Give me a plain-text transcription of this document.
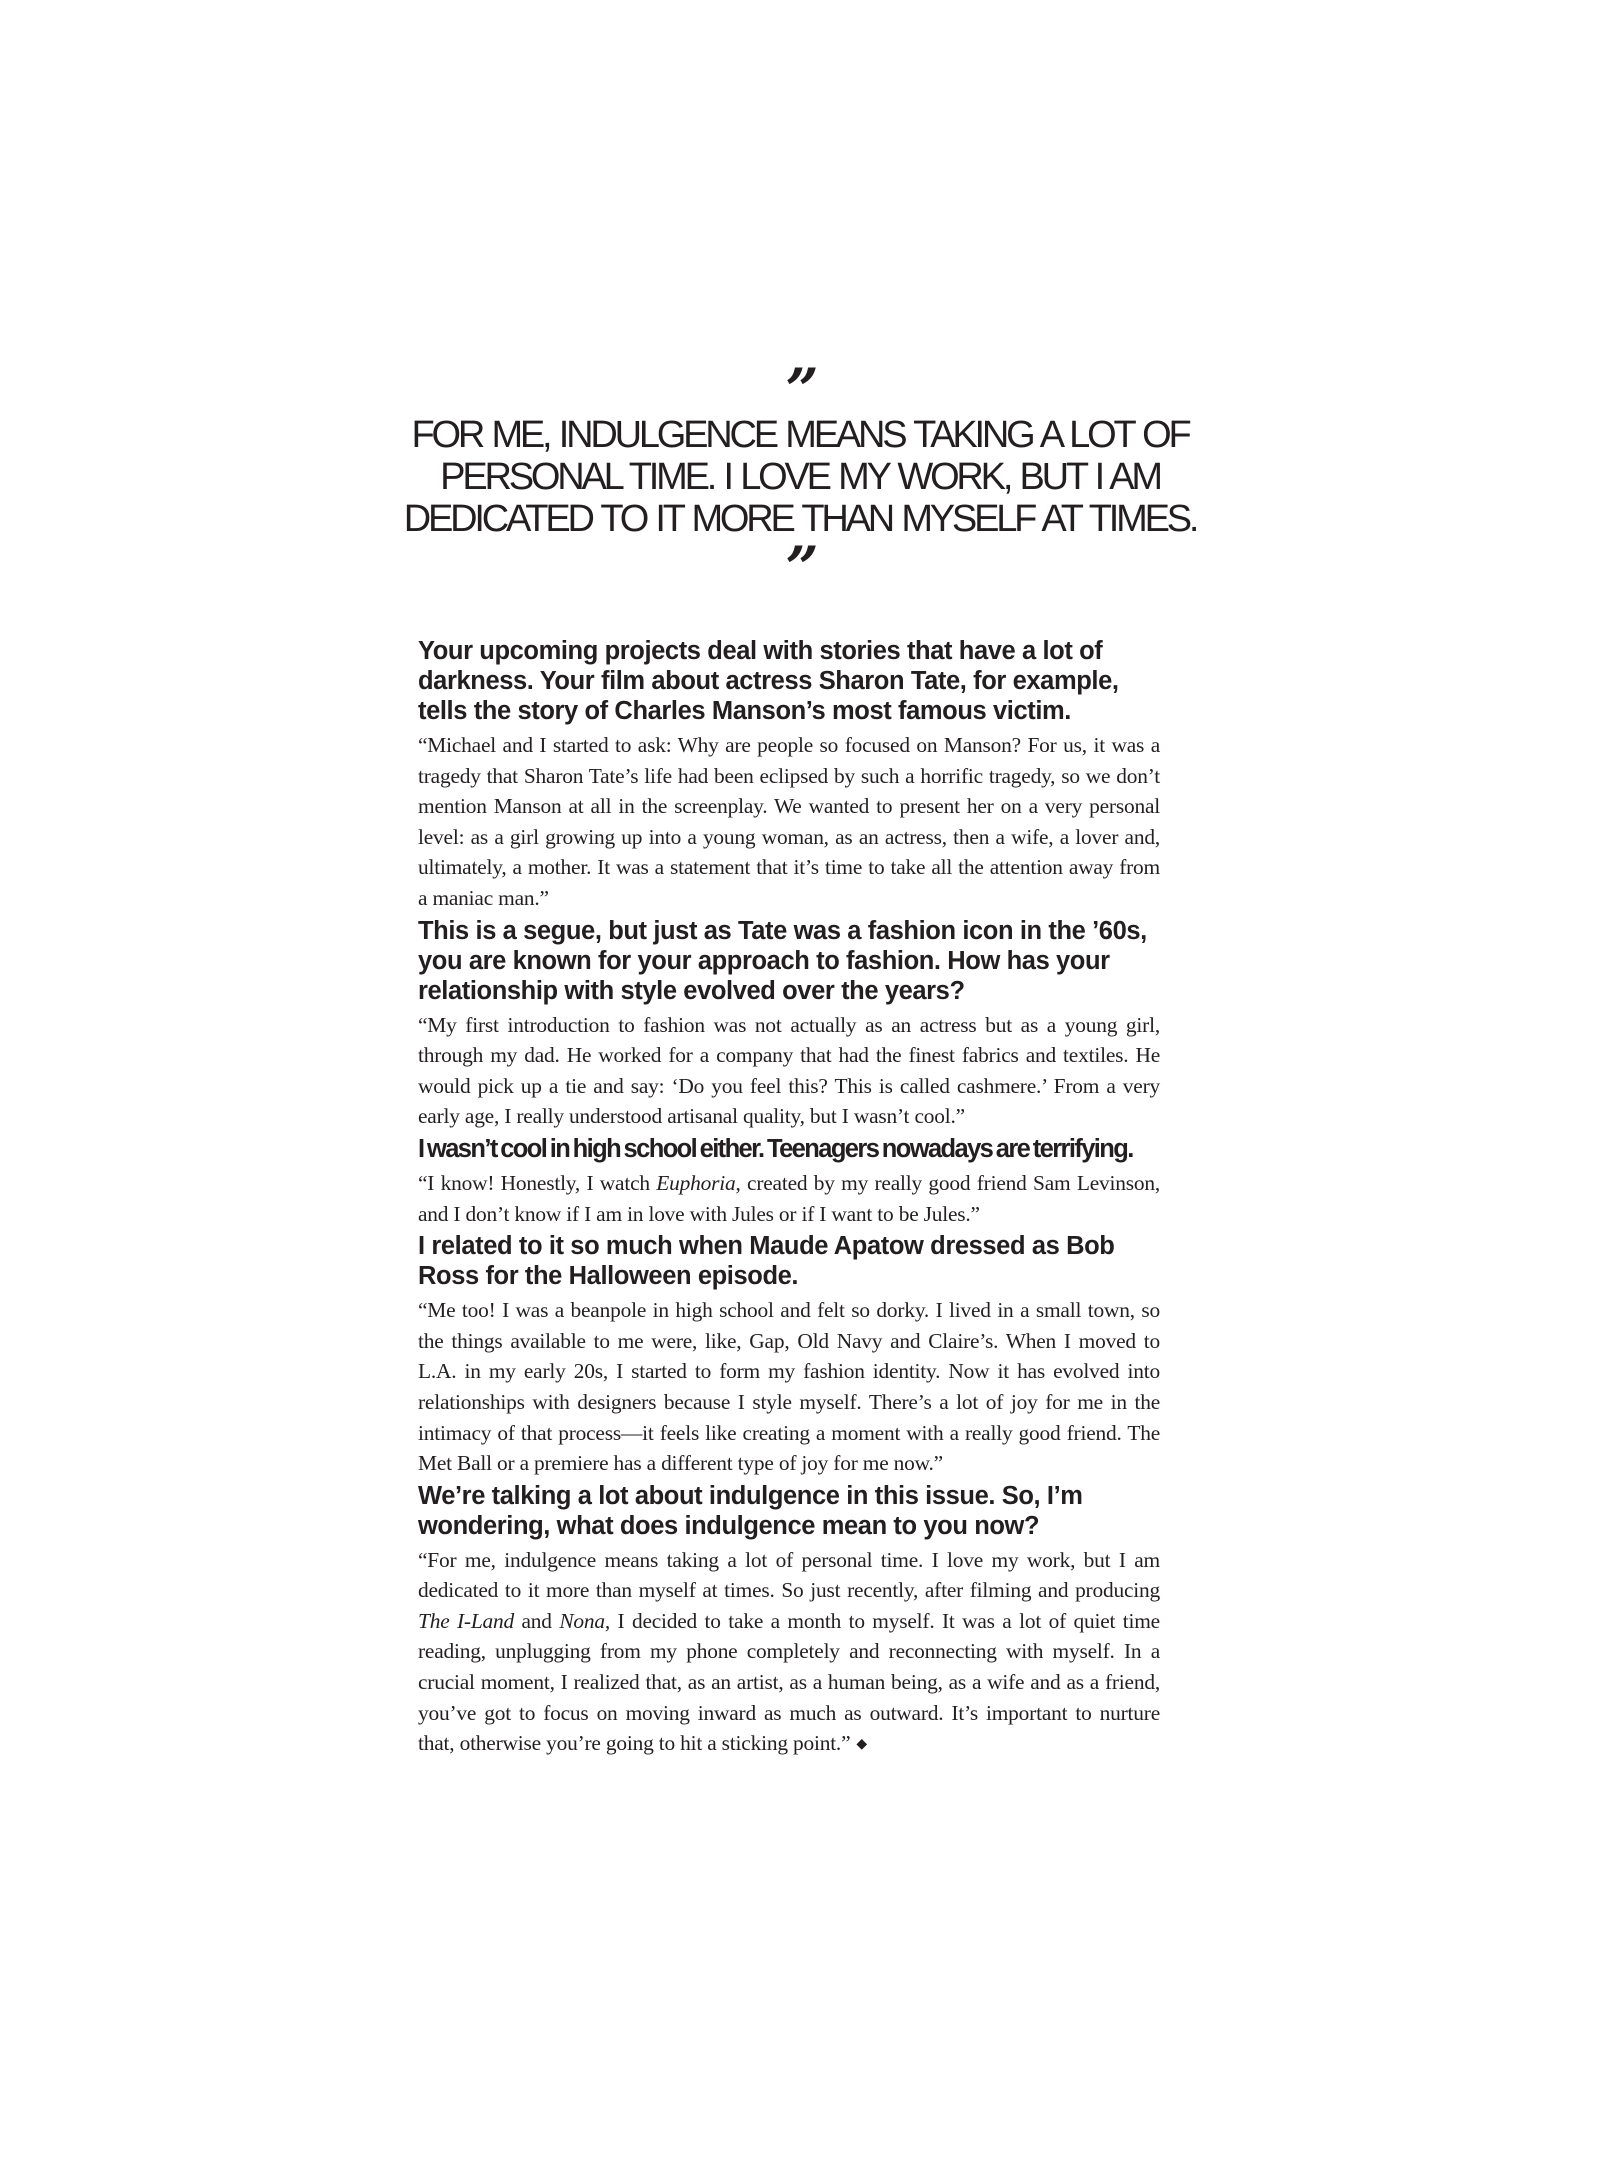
”
FOR ME, INDULGENCE MEANS TAKING A LOT OF PERSONAL TIME. I LOVE MY WORK, BUT I AM DEDICATED TO IT MORE THAN MYSELF AT TIMES.
”

Your upcoming projects deal with stories that have a lot of darkness. Your film about actress Sharon Tate, for example, tells the story of Charles Manson’s most famous victim.

“Michael and I started to ask: Why are people so focused on Manson? For us, it was a tragedy that Sharon Tate’s life had been eclipsed by such a horrific tragedy, so we don’t mention Manson at all in the screenplay. We wanted to present her on a very personal level: as a girl growing up into a young woman, as an actress, then a wife, a lover and, ultimately, a mother. It was a statement that it’s time to take all the attention away from a maniac man.”

This is a segue, but just as Tate was a fashion icon in the ’60s, you are known for your approach to fashion. How has your relationship with style evolved over the years?

“My first introduction to fashion was not actually as an actress but as a young girl, through my dad. He worked for a company that had the finest fabrics and textiles. He would pick up a tie and say: ‘Do you feel this? This is called cashmere.’ From a very early age, I really understood artisanal quality, but I wasn’t cool.”

I wasn’t cool in high school either. Teenagers nowadays are terrifying.

“I know! Honestly, I watch Euphoria, created by my really good friend Sam Levinson, and I don’t know if I am in love with Jules or if I want to be Jules.”

I related to it so much when Maude Apatow dressed as Bob Ross for the Halloween episode.

“Me too! I was a beanpole in high school and felt so dorky. I lived in a small town, so the things available to me were, like, Gap, Old Navy and Claire’s. When I moved to L.A. in my early 20s, I started to form my fashion identity. Now it has evolved into relationships with designers because I style myself. There’s a lot of joy for me in the intimacy of that process—it feels like creating a moment with a really good friend. The Met Ball or a premiere has a different type of joy for me now.”

We’re talking a lot about indulgence in this issue. So, I’m wondering, what does indulgence mean to you now?

“For me, indulgence means taking a lot of personal time. I love my work, but I am dedicated to it more than myself at times. So just recently, after filming and producing The I-Land and Nona, I decided to take a month to myself. It was a lot of quiet time reading, unplugging from my phone completely and reconnecting with myself. In a crucial moment, I realized that, as an artist, as a human being, as a wife and as a friend, you’ve got to focus on moving inward as much as outward. It’s important to nurture that, otherwise you’re going to hit a sticking point.” ◆
